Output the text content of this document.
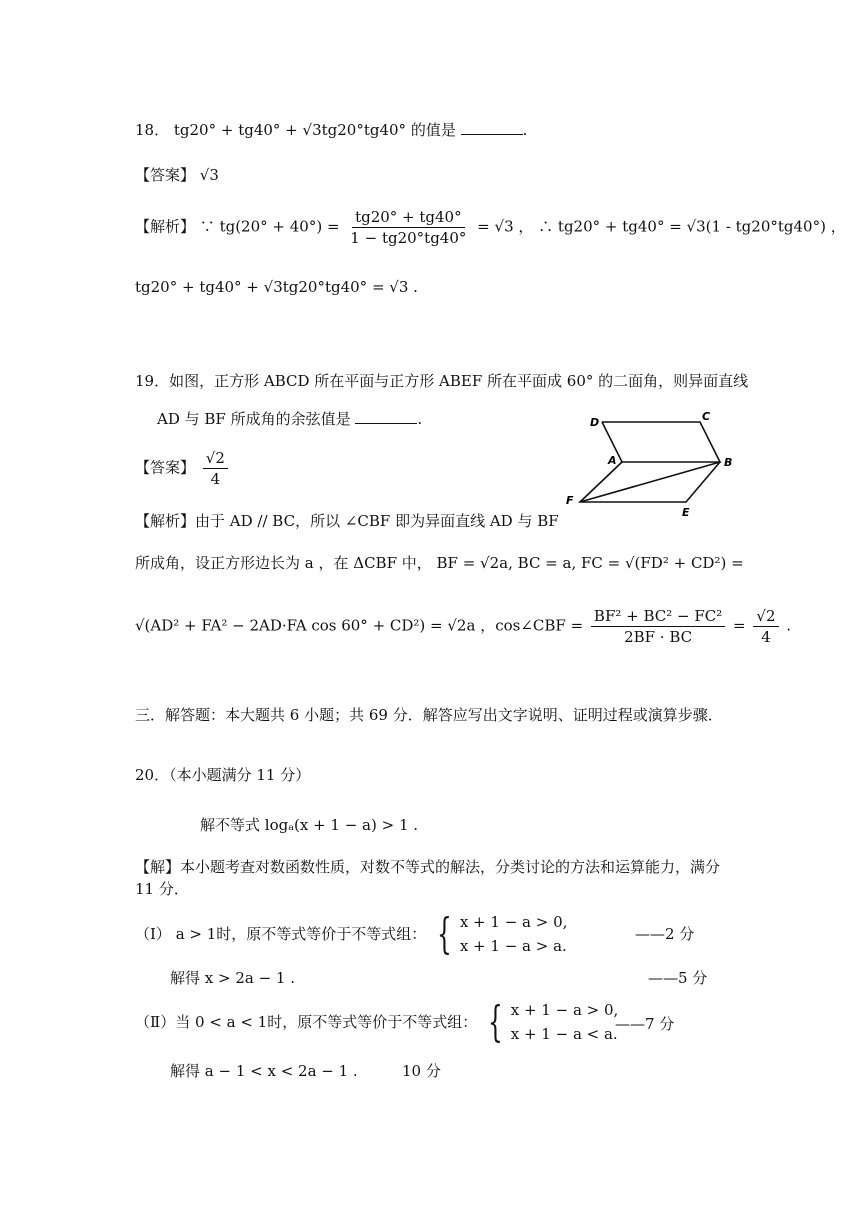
18． tg20° + tg40° + √3tg20°tg40° 的值是	.
【答案】 √3
【解析】 ∵ $tg(20^\circ + 40^\circ) = \frac{tg20^\circ + tg40^\circ}{1 - tg20^\circ tg40^\circ} = √3$ ， ∴ tg20° + tg40° = √3(1 - tg20°tg40°) ，
tg20° + tg40° + √3tg20°tg40° = √3 .
19．如图，正方形 ABCD 所在平面与正方形 ABEF 所在平面成 60° 的二面角，则异面直线
AD 与 BF 所成角的余弦值是	.
【答案】 $\frac{√2}{4}$
D	C
A	B
F
E
【解析】由于 AD // BC，所以 ∠CBF 即为异面直线 AD 与 BF
所成角，设正方形边长为 a ，在 ΔCBF 中， BF = √2a, BC = a, FC = √(FD² + CD²) =
√(AD² + FA² − 2AD·FA cos 60° + CD²) = √2a ，cos∠CBF = $\frac{\text{BF² + BC² − FC²}}{2BF \cdot BC} = \frac{√2}{4}$ .
三．解答题：本大题共 6 小题；共 69 分．解答应写出文字说明、证明过程或演算步骤．
20．（本小题满分 11 分）
解不等式 logₐ(x + 1 − a) > 1 .
【解】本小题考查对数函数性质，对数不等式的解法，分类讨论的方法和运算能力，满分
11 分．
（Ⅰ） a > 1时，原不等式等价于不等式组： { x + 1 − a > 0,
x + 1 − a > a.
——2 分
解得 x > 2a − 1 .	——5 分
（Ⅱ）当 0 < a < 1时，原不等式等价于不等式组： { x + 1 − a > 0,
x + 1 − a < a.
——7 分
解得 a − 1 < x < 2a − 1 .	10 分
